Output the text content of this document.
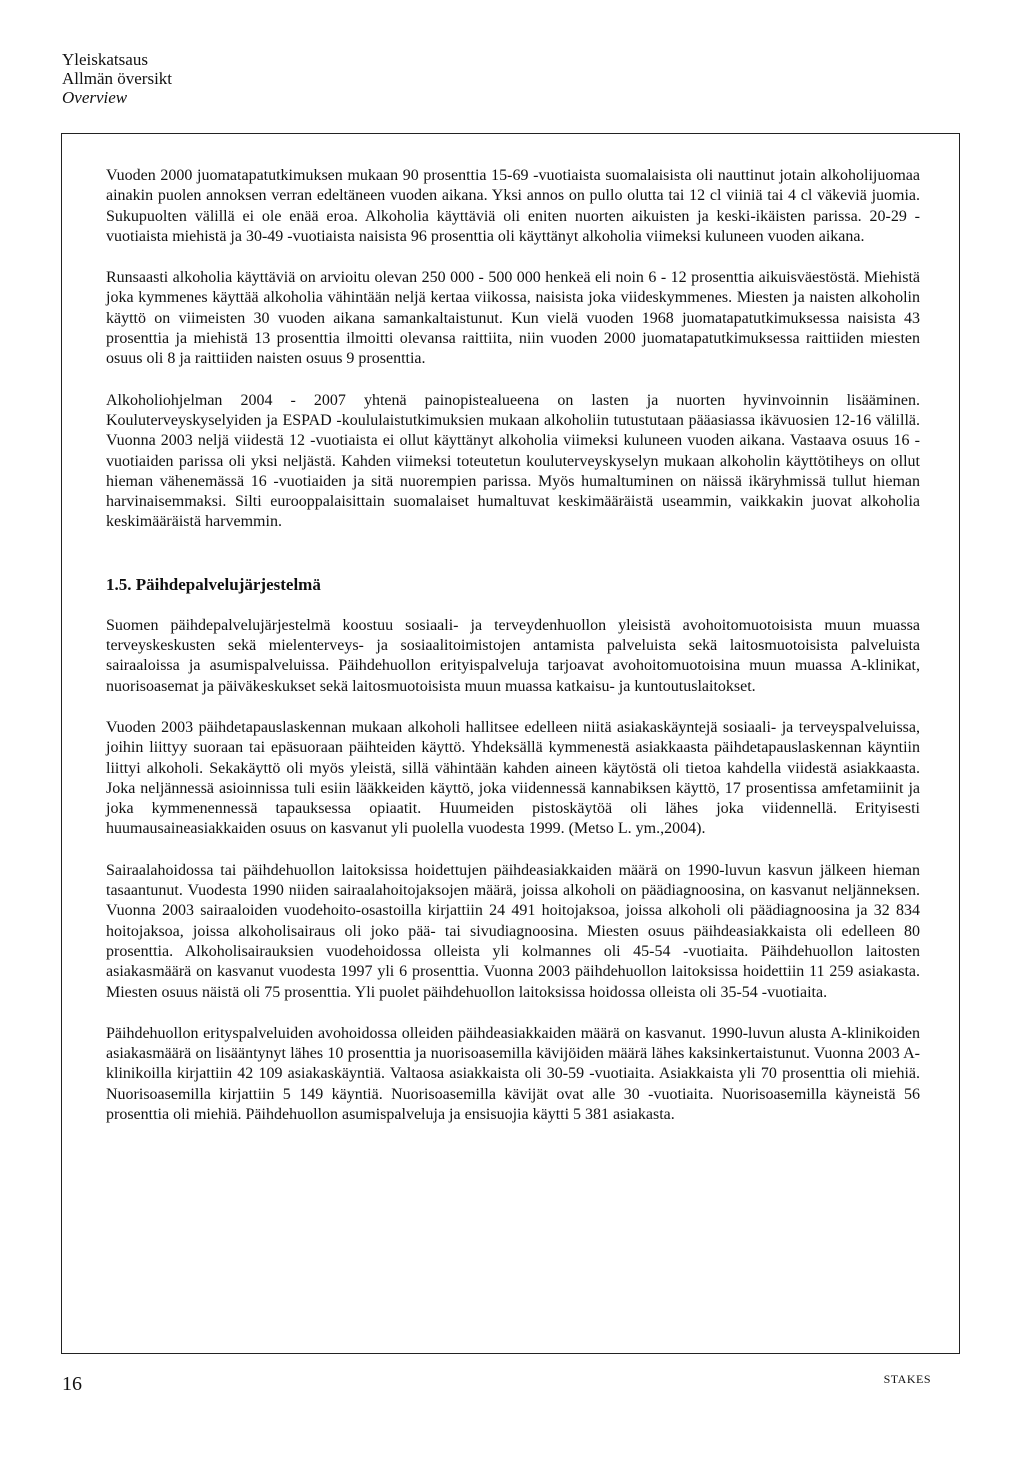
Yleiskatsaus
Allmän översikt
Overview

Vuoden 2000 juomatapatutkimuksen mukaan 90 prosenttia 15-69 -vuotiaista suomalaisista oli nauttinut jotain alkoholijuomaa ainakin puolen annoksen verran edeltäneen vuoden aikana. Yksi annos on pullo olutta tai 12 cl viiniä tai 4 cl väkeviä juomia. Sukupuolten välillä ei ole enää eroa. Alkoholia käyttäviä oli eniten nuorten aikuisten ja keski-ikäisten parissa. 20-29 -vuotiaista miehistä ja 30-49 -vuotiaista naisista 96 prosenttia oli käyttänyt alkoholia viimeksi kuluneen vuoden aikana.

Runsaasti alkoholia käyttäviä on arvioitu olevan 250 000 - 500 000 henkeä eli noin 6 - 12 prosenttia aikuisväestöstä. Miehistä joka kymmenes käyttää alkoholia vähintään neljä kertaa viikossa, naisista joka viideskymmenes. Miesten ja naisten alkoholin käyttö on viimeisten 30 vuoden aikana samankaltaistunut. Kun vielä vuoden 1968 juomatapatutkimuksessa naisista 43 prosenttia ja miehistä 13 prosenttia ilmoitti olevansa raittiita, niin vuoden 2000 juomatapatutkimuksessa raittiiden miesten osuus oli 8 ja raittiiden naisten osuus 9 prosenttia.

Alkoholiohjelman 2004 - 2007 yhtenä painopistealueena on lasten ja nuorten hyvinvoinnin lisääminen. Kouluterveyskyselyiden ja ESPAD -koululaistutkimuksien mukaan alkoholiin tutustutaan pääasiassa ikävuosien 12-16 välillä. Vuonna 2003 neljä viidestä 12 -vuotiaista ei ollut käyttänyt alkoholia viimeksi kuluneen vuoden aikana. Vastaava osuus 16 -vuotiaiden parissa oli yksi neljästä. Kahden viimeksi toteutetun kouluterveyskyselyn mukaan alkoholin käyttötiheys on ollut hieman vähenemässä 16 -vuotiaiden ja sitä nuorempien parissa. Myös humaltuminen on näissä ikäryhmissä tullut hieman harvinaisemmaksi. Silti eurooppalaisittain suomalaiset humaltuvat keskimääräistä useammin, vaikkakin juovat alkoholia keskimääräistä harvemmin.

1.5. Päihdepalvelujärjestelmä

Suomen päihdepalvelujärjestelmä koostuu sosiaali- ja terveydenhuollon yleisistä avohoitomuotoisista muun muassa terveyskeskusten sekä mielenterveys- ja sosiaalitoimistojen antamista palveluista sekä laitosmuotoisista palveluista sairaaloissa ja asumispalveluissa. Päihdehuollon erityispalveluja tarjoavat avohoitomuotoisina muun muassa A-klinikat, nuorisoasemat ja päiväkeskukset sekä laitosmuotoisista muun muassa katkaisu- ja kuntoutuslaitokset.

Vuoden 2003 päihdetapauslaskennan mukaan alkoholi hallitsee edelleen niitä asiakaskäyntejä sosiaali- ja terveyspalveluissa, joihin liittyy suoraan tai epäsuoraan päihteiden käyttö. Yhdeksällä kymmenestä asiakkaasta päihdetapauslaskennan käyntiin liittyi alkoholi. Sekakäyttö oli myös yleistä, sillä vähintään kahden aineen käytöstä oli tietoa kahdella viidestä asiakkaasta. Joka neljännessä asioinnissa tuli esiin lääkkeiden käyttö, joka viidennessä kannabiksen käyttö, 17 prosentissa amfetamiinit ja joka kymmenennessä tapauksessa opiaatit. Huumeiden pistoskäytöä oli lähes joka viidennellä. Erityisesti huumausaineasiakkaiden osuus on kasvanut yli puolella vuodesta 1999. (Metso L. ym.,2004).

Sairaalahoidossa tai päihdehuollon laitoksissa hoidettujen päihdeasiakkaiden määrä on 1990-luvun kasvun jälkeen hieman tasaantunut. Vuodesta 1990 niiden sairaalahoitojaksojen määrä, joissa alkoholi on päädiagnoosina, on kasvanut neljänneksen. Vuonna 2003 sairaaloiden vuodehoito-osastoilla kirjattiin 24 491 hoitojaksoa, joissa alkoholi oli päädiagnoosina ja 32 834 hoitojaksoa, joissa alkoholisairaus oli joko pää- tai sivudiagnoosina. Miesten osuus päihdeasiakkaista oli edelleen 80 prosenttia. Alkoholisairauksien vuodehoidossa olleista yli kolmannes oli 45-54 -vuotiaita. Päihdehuollon laitosten asiakasmäärä on kasvanut vuodesta 1997 yli 6 prosenttia. Vuonna 2003 päihdehuollon laitoksissa hoidettiin 11 259 asiakasta. Miesten osuus näistä oli 75 prosenttia. Yli puolet päihdehuollon laitoksissa hoidossa olleista oli 35-54 -vuotiaita.

Päihdehuollon erityspalveluiden avohoidossa olleiden päihdeasiakkaiden määrä on kasvanut. 1990-luvun alusta A-klinikoiden asiakasmäärä on lisääntynyt lähes 10 prosenttia ja nuorisoasemilla kävijöiden määrä lähes kaksinkertaistunut. Vuonna 2003 A-klinikoilla kirjattiin 42 109 asiakaskäyntiä. Valtaosa asiakkaista oli 30-59 -vuotiaita. Asiakkaista yli 70 prosenttia oli miehiä. Nuorisoasemilla kirjattiin 5 149 käyntiä. Nuorisoasemilla kävijät ovat alle 30 -vuotiaita. Nuorisoasemilla käyneistä 56 prosenttia oli miehiä. Päihdehuollon asumispalveluja ja ensisuojia käytti 5 381 asiakasta.

16	STAKES
